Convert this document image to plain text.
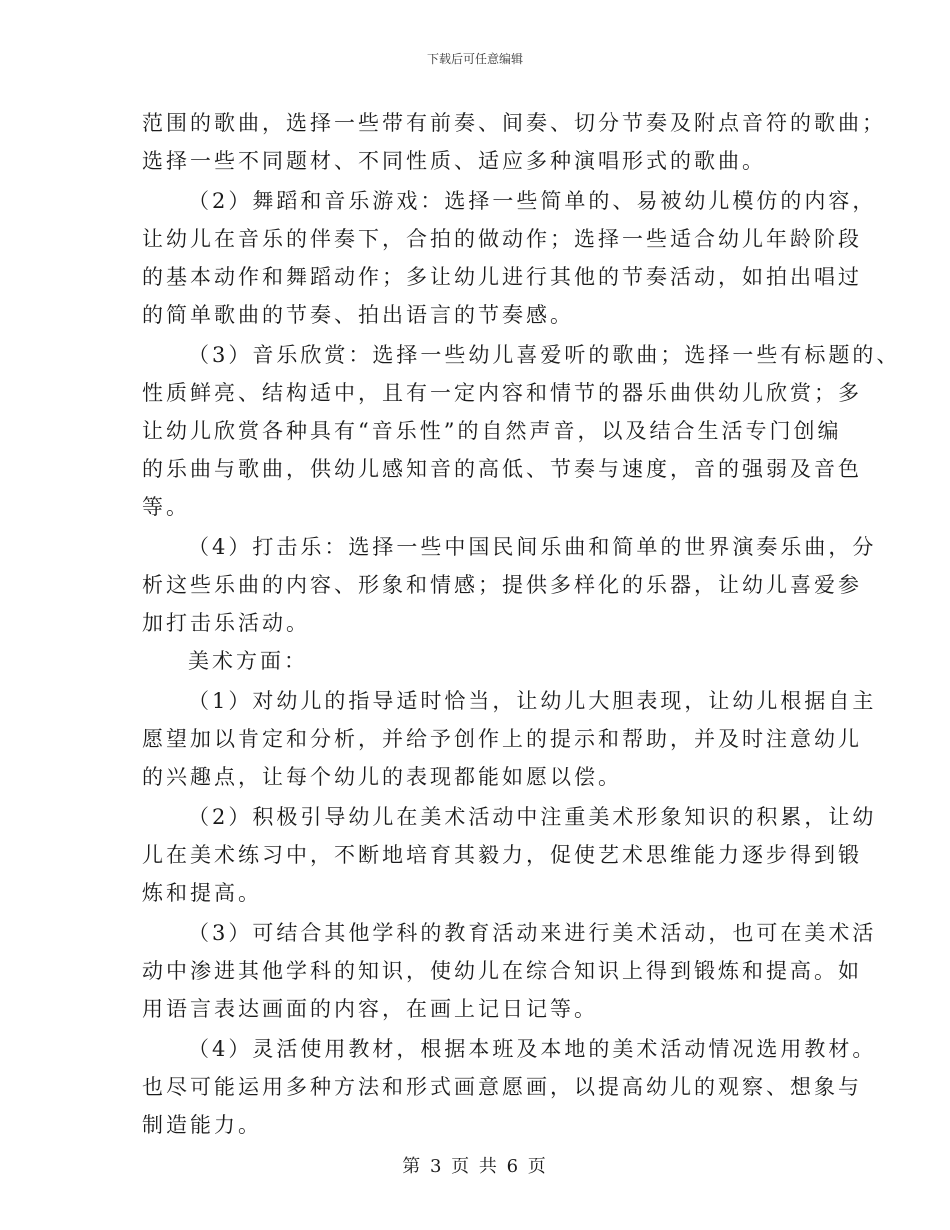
下载后可任意编辑
范围的歌曲，选择一些带有前奏、间奏、切分节奏及附点音符的歌曲；
选择一些不同题材、不同性质、适应多种演唱形式的歌曲。
（2）舞蹈和音乐游戏：选择一些简单的、易被幼儿模仿的内容，
让幼儿在音乐的伴奏下，合拍的做动作；选择一些适合幼儿年龄阶段
的基本动作和舞蹈动作；多让幼儿进行其他的节奏活动，如拍出唱过
的简单歌曲的节奏、拍出语言的节奏感。
（3）音乐欣赏：选择一些幼儿喜爱听的歌曲；选择一些有标题的、
性质鲜亮、结构适中，且有一定内容和情节的器乐曲供幼儿欣赏；多
让幼儿欣赏各种具有“音乐性”的自然声音，以及结合生活专门创编
的乐曲与歌曲，供幼儿感知音的高低、节奏与速度，音的强弱及音色
等。
（4）打击乐：选择一些中国民间乐曲和简单的世界演奏乐曲，分
析这些乐曲的内容、形象和情感；提供多样化的乐器，让幼儿喜爱参
加打击乐活动。
美术方面：
（1）对幼儿的指导适时恰当，让幼儿大胆表现，让幼儿根据自主
愿望加以肯定和分析，并给予创作上的提示和帮助，并及时注意幼儿
的兴趣点，让每个幼儿的表现都能如愿以偿。
（2）积极引导幼儿在美术活动中注重美术形象知识的积累，让幼
儿在美术练习中，不断地培育其毅力，促使艺术思维能力逐步得到锻
炼和提高。
（3）可结合其他学科的教育活动来进行美术活动，也可在美术活
动中渗进其他学科的知识，使幼儿在综合知识上得到锻炼和提高。如
用语言表达画面的内容，在画上记日记等。
（4）灵活使用教材，根据本班及本地的美术活动情况选用教材。
也尽可能运用多种方法和形式画意愿画，以提高幼儿的观察、想象与
制造能力。
第 3 页 共 6 页
